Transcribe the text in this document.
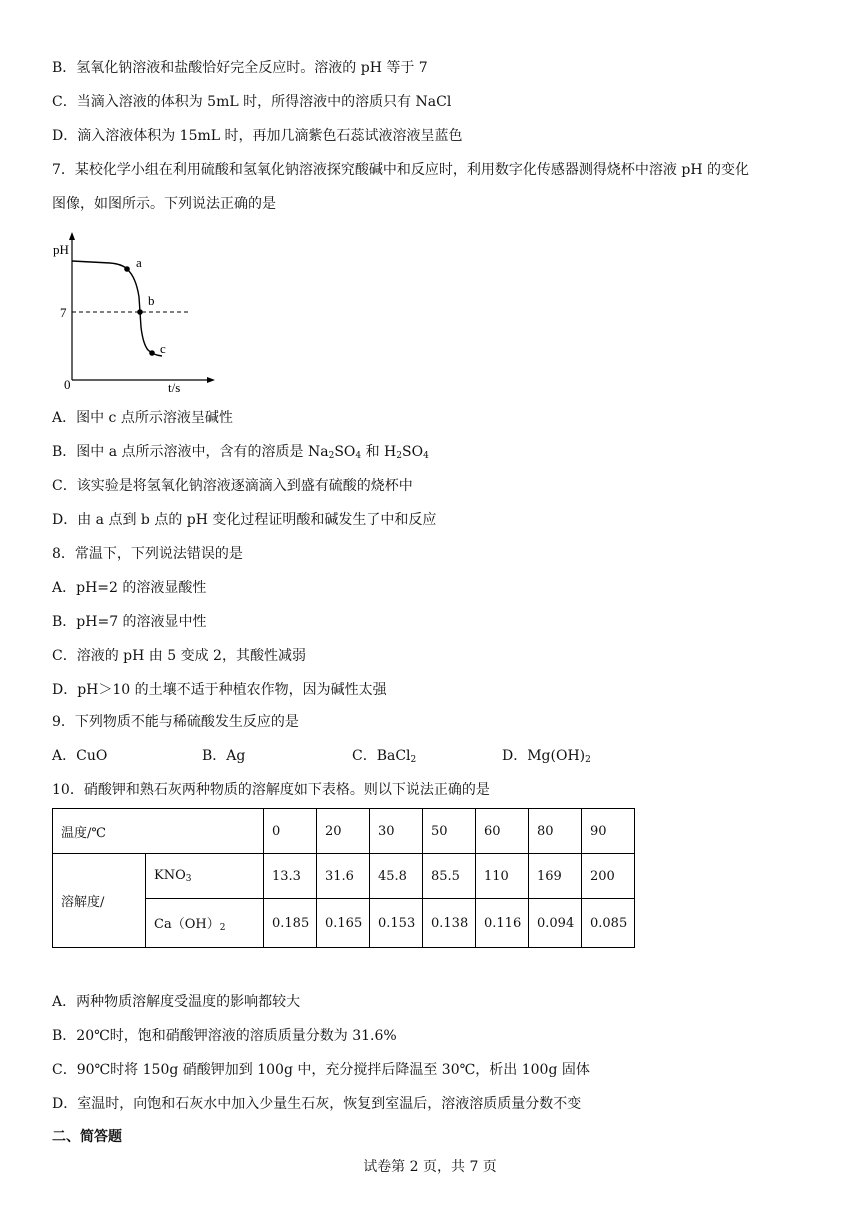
B．氢氧化钠溶液和盐酸恰好完全反应时。溶液的 pH 等于 7
C．当滴入溶液的体积为 5mL 时，所得溶液中的溶质只有 NaCl
D．滴入溶液体积为 15mL 时，再加几滴紫色石蕊试液溶液呈蓝色
7．某校化学小组在利用硫酸和氢氧化钠溶液探究酸碱中和反应时，利用数字化传感器测得烧杯中溶液 pH 的变化
图像，如图所示。下列说法正确的是
pH
t/s
0
7
a
b
c
A．图中 c 点所示溶液呈碱性
B．图中 a 点所示溶液中，含有的溶质是 $Na_2SO_4$ 和 $H_2SO_4$
C．该实验是将氢氧化钠溶液逐滴滴入到盛有硫酸的烧杯中
D．由 a 点到 b 点的 pH 变化过程证明酸和碱发生了中和反应
8．常温下，下列说法错误的是
A．pH=2 的溶液显酸性
B．pH=7 的溶液显中性
C．溶液的 pH 由 5 变成 2，其酸性减弱
D．pH＞10 的土壤不适于种植农作物，因为碱性太强
9．下列物质不能与稀硫酸发生反应的是
A．CuO	B．Ag	C．BaCl$_2$	D．$Mg(OH)_2$
10．硝酸钾和熟石灰两种物质的溶解度如下表格。则以下说法正确的是
温度/℃		0	20	30	50	60	80	90
溶解度/	$KNO_3$	13.3	31.6	45.8	85.5	110	169	200
	$Ca(OH)_2$	0.185	0.165	0.153	0.138	0.116	0.094	0.085
A．两种物质溶解度受温度的影响都较大
B．20℃时，饱和硝酸钾溶液的溶质质量分数为 31.6%
C．90℃时将 150g 硝酸钾加到 100g 中，充分搅拌后降温至 30℃，析出 100g 固体
D．室温时，向饱和石灰水中加入少量生石灰，恢复到室温后，溶液溶质质量分数不变
二、简答题
试卷第 2 页，共 7 页
